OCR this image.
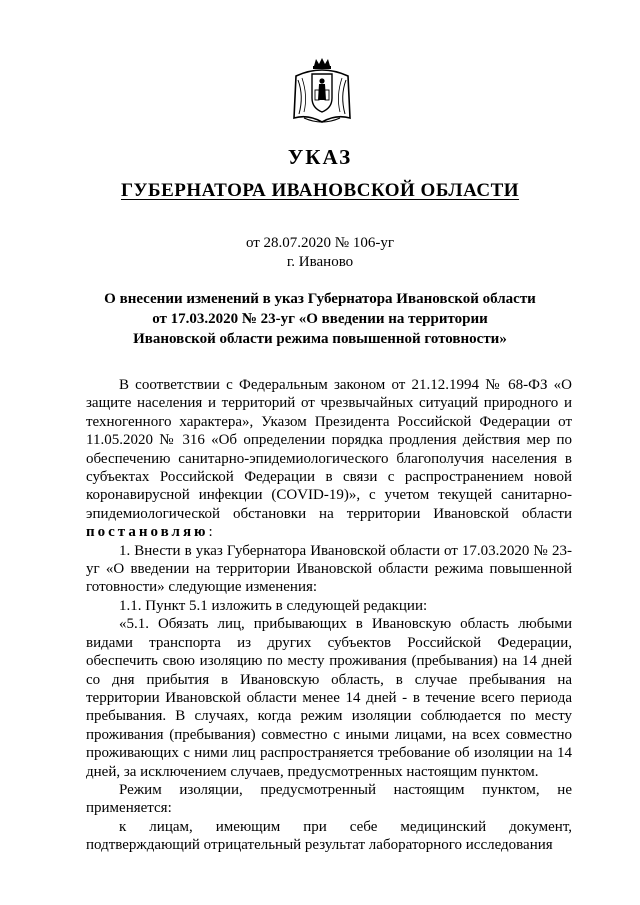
УКАЗ
ГУБЕРНАТОРА ИВАНОВСКОЙ ОБЛАСТИ
от 28.07.2020 № 106-уг
г. Иваново
О внесении изменений в указ Губернатора Ивановской области
от 17.03.2020 № 23-уг «О введении на территории
Ивановской области режима повышенной готовности»

В соответствии с Федеральным законом от 21.12.1994 № 68-ФЗ «О защите населения и территорий от чрезвычайных ситуаций природного и техногенного характера», Указом Президента Российской Федерации от 11.05.2020 № 316 «Об определении порядка продления действия мер по обеспечению санитарно-эпидемиологического благополучия населения в субъектах Российской Федерации в связи с распространением новой коронавирусной инфекции (COVID-19)», с учетом текущей санитарно-эпидемиологической обстановки на территории Ивановской области постановляю:

1. Внести в указ Губернатора Ивановской области от 17.03.2020 № 23-уг «О введении на территории Ивановской области режима повышенной готовности» следующие изменения:

1.1. Пункт 5.1 изложить в следующей редакции:

«5.1. Обязать лиц, прибывающих в Ивановскую область любыми видами транспорта из других субъектов Российской Федерации, обеспечить свою изоляцию по месту проживания (пребывания) на 14 дней со дня прибытия в Ивановскую область, в случае пребывания на территории Ивановской области менее 14 дней - в течение всего периода пребывания. В случаях, когда режим изоляции соблюдается по месту проживания (пребывания) совместно с иными лицами, на всех совместно проживающих с ними лиц распространяется требование об изоляции на 14 дней, за исключением случаев, предусмотренных настоящим пунктом.

Режим изоляции, предусмотренный настоящим пунктом, не применяется:

к лицам, имеющим при себе медицинский документ, подтверждающий отрицательный результат лабораторного исследования
